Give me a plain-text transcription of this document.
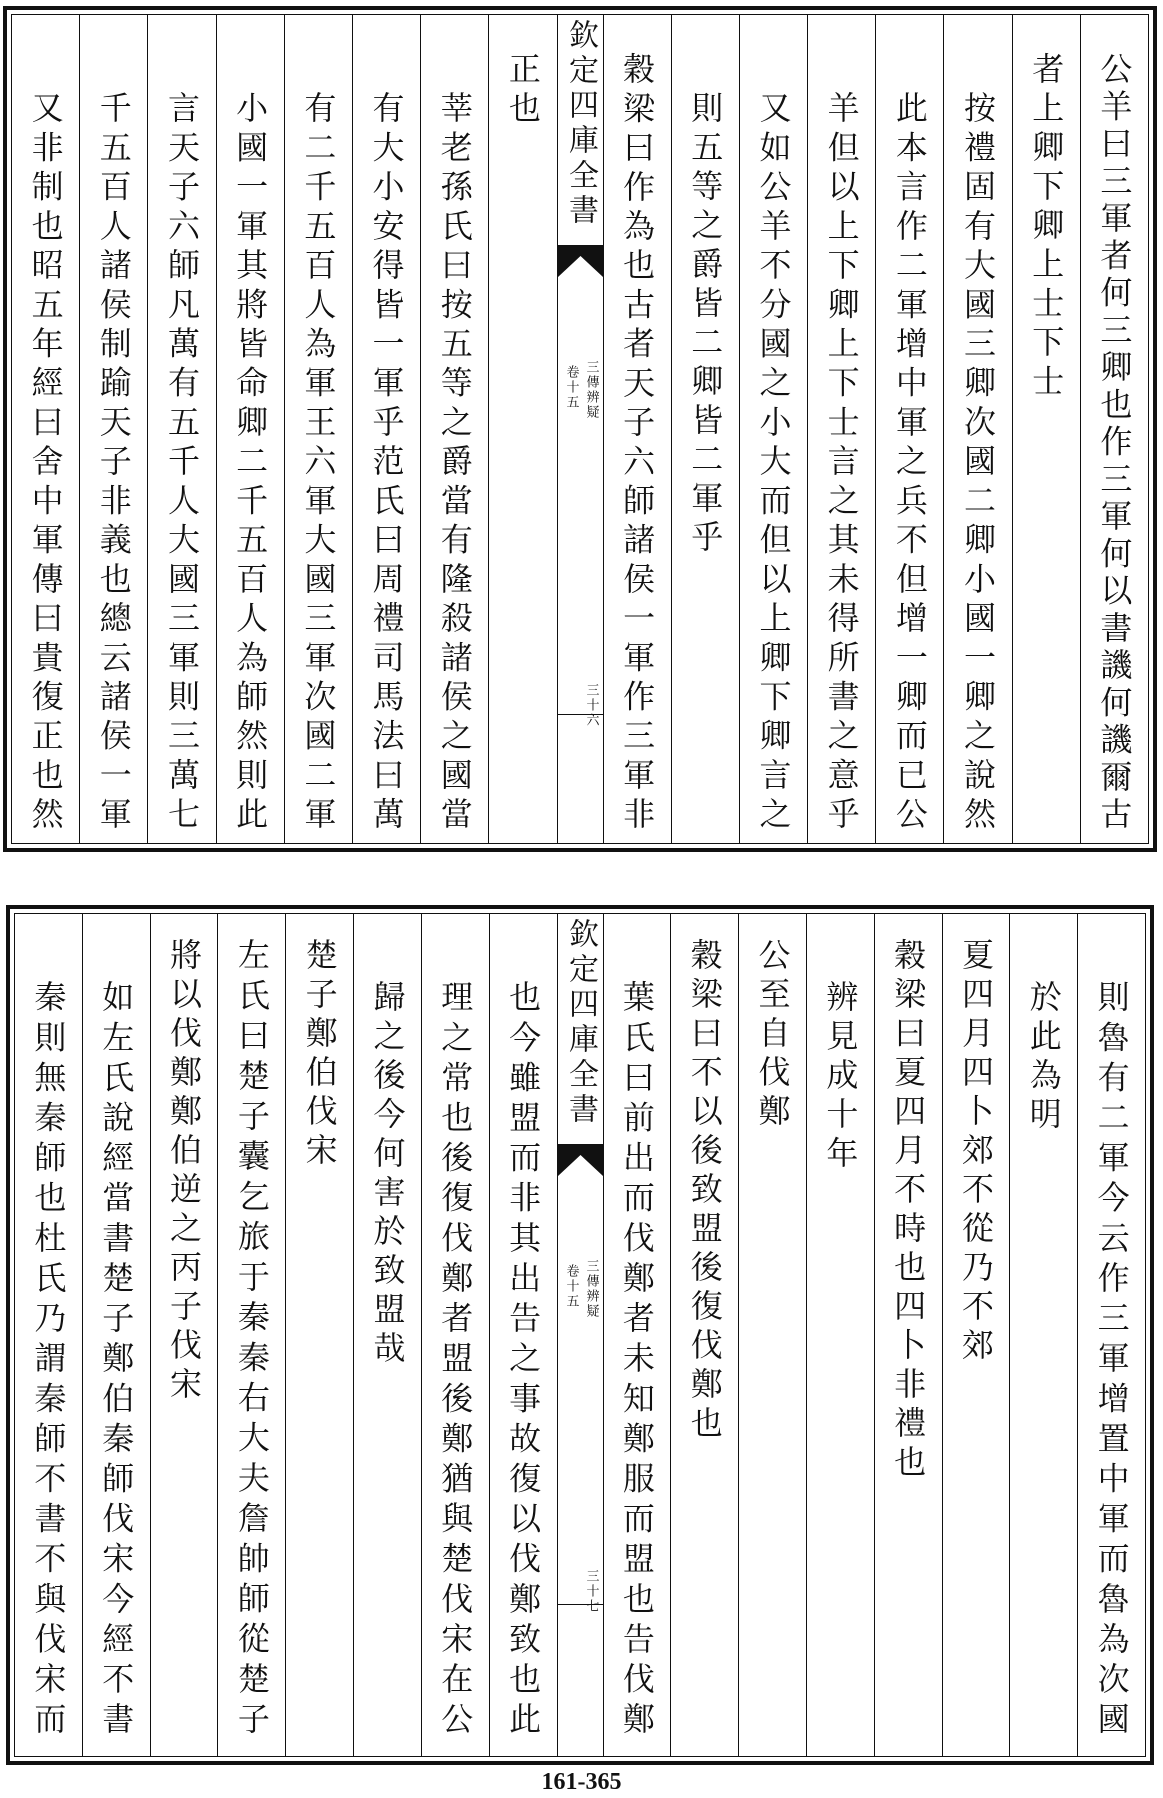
公羊曰三軍者何三卿也作三軍何以書譏何譏爾古
者上卿下卿上士下士
按禮固有大國三卿次國二卿小國一卿之說然
此本言作二軍增中軍之兵不但增一卿而已公
羊但以上下卿上下士言之其未得所書之意乎
又如公羊不分國之小大而但以上卿下卿言之
則五等之爵皆二卿皆二軍乎
穀梁曰作為也古者天子六師諸侯一軍作三軍非
欽定四庫全書
三傳辨疑
卷十五
三十六
正也
莘老孫氏曰按五等之爵當有隆殺諸侯之國當
有大小安得皆一軍乎范氏曰周禮司馬法曰萬
有二千五百人為軍王六軍大國三軍次國二軍
小國一軍其將皆命卿二千五百人為師然則此
言天子六師凡萬有五千人大國三軍則三萬七
千五百人諸侯制踰天子非義也總云諸侯一軍
又非制也昭五年經曰舍中軍傳曰貴復正也然
則魯有二軍今云作三軍增置中軍而魯為次國
於此為明
夏四月四卜郊不從乃不郊
穀梁曰夏四月不時也四卜非禮也
辨見成十年
公至自伐鄭
穀梁曰不以後致盟後復伐鄭也
葉氏曰前出而伐鄭者未知鄭服而盟也告伐鄭
欽定四庫全書
三傳辨疑
卷十五
三十七
也今雖盟而非其出告之事故復以伐鄭致也此
理之常也後復伐鄭者盟後鄭猶與楚伐宋在公
歸之後今何害於致盟哉
楚子鄭伯伐宋
左氏曰楚子囊乞旅于秦秦右大夫詹帥師從楚子
將以伐鄭鄭伯逆之丙子伐宋
如左氏說經當書楚子鄭伯秦師伐宋今經不書
秦則無秦師也杜氏乃謂秦師不書不與伐宋而
161-365
